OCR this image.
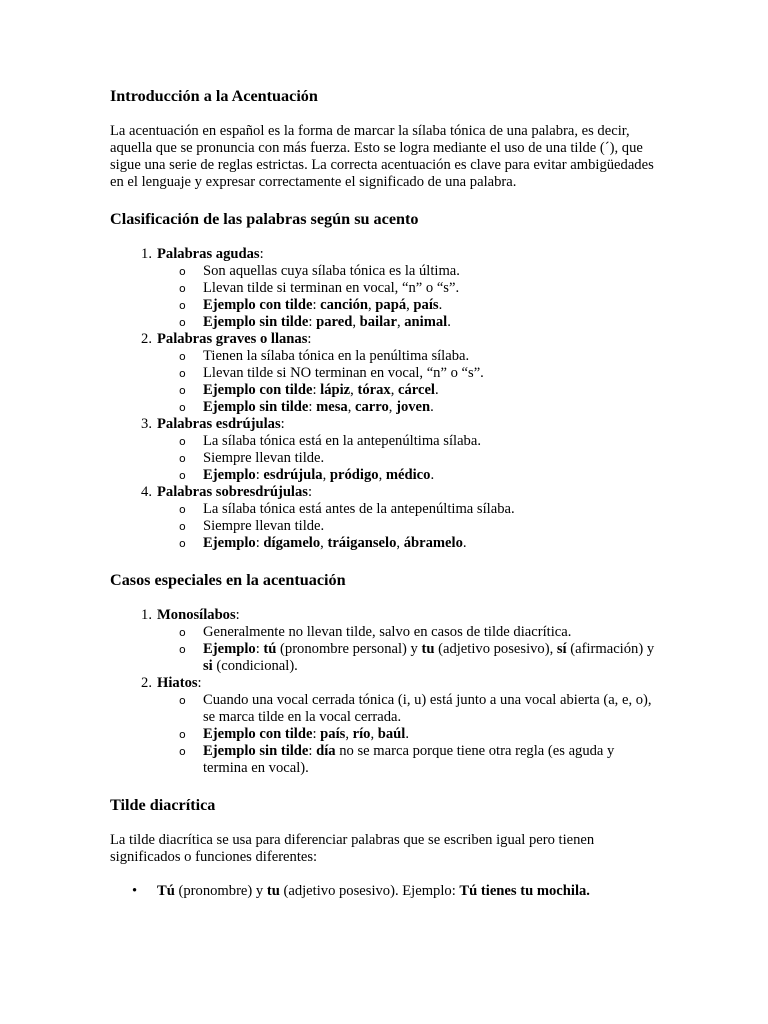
Introducción a la Acentuación

La acentuación en español es la forma de marcar la sílaba tónica de una palabra, es decir, aquella que se pronuncia con más fuerza. Esto se logra mediante el uso de una tilde (´), que sigue una serie de reglas estrictas. La correcta acentuación es clave para evitar ambigüedades en el lenguaje y expresar correctamente el significado de una palabra.

Clasificación de las palabras según su acento
1. Palabras agudas:
o Son aquellas cuya sílaba tónica es la última.
o Llevan tilde si terminan en vocal, “n” o “s”.
o Ejemplo con tilde: canción, papá, país.
o Ejemplo sin tilde: pared, bailar, animal.
2. Palabras graves o llanas:
o Tienen la sílaba tónica en la penúltima sílaba.
o Llevan tilde si NO terminan en vocal, “n” o “s”.
o Ejemplo con tilde: lápiz, tórax, cárcel.
o Ejemplo sin tilde: mesa, carro, joven.
3. Palabras esdrújulas:
o La sílaba tónica está en la antepenúltima sílaba.
o Siempre llevan tilde.
o Ejemplo: esdrújula, pródigo, médico.
4. Palabras sobresdrújulas:
o La sílaba tónica está antes de la antepenúltima sílaba.
o Siempre llevan tilde.
o Ejemplo: dígamelo, tráiganselo, ábramelo.
Casos especiales en la acentuación
1. Monosílabos:
o Generalmente no llevan tilde, salvo en casos de tilde diacrítica.
o Ejemplo: tú (pronombre personal) y tu (adjetivo posesivo), sí (afirmación) y si (condicional).
2. Hiatos:
o Cuando una vocal cerrada tónica (i, u) está junto a una vocal abierta (a, e, o), se marca tilde en la vocal cerrada.
o Ejemplo con tilde: país, río, baúl.
o Ejemplo sin tilde: día no se marca porque tiene otra regla (es aguda y termina en vocal).
Tilde diacrítica

La tilde diacrítica se usa para diferenciar palabras que se escriben igual pero tienen significados o funciones diferentes:

• Tú (pronombre) y tu (adjetivo posesivo). Ejemplo: Tú tienes tu mochila.
